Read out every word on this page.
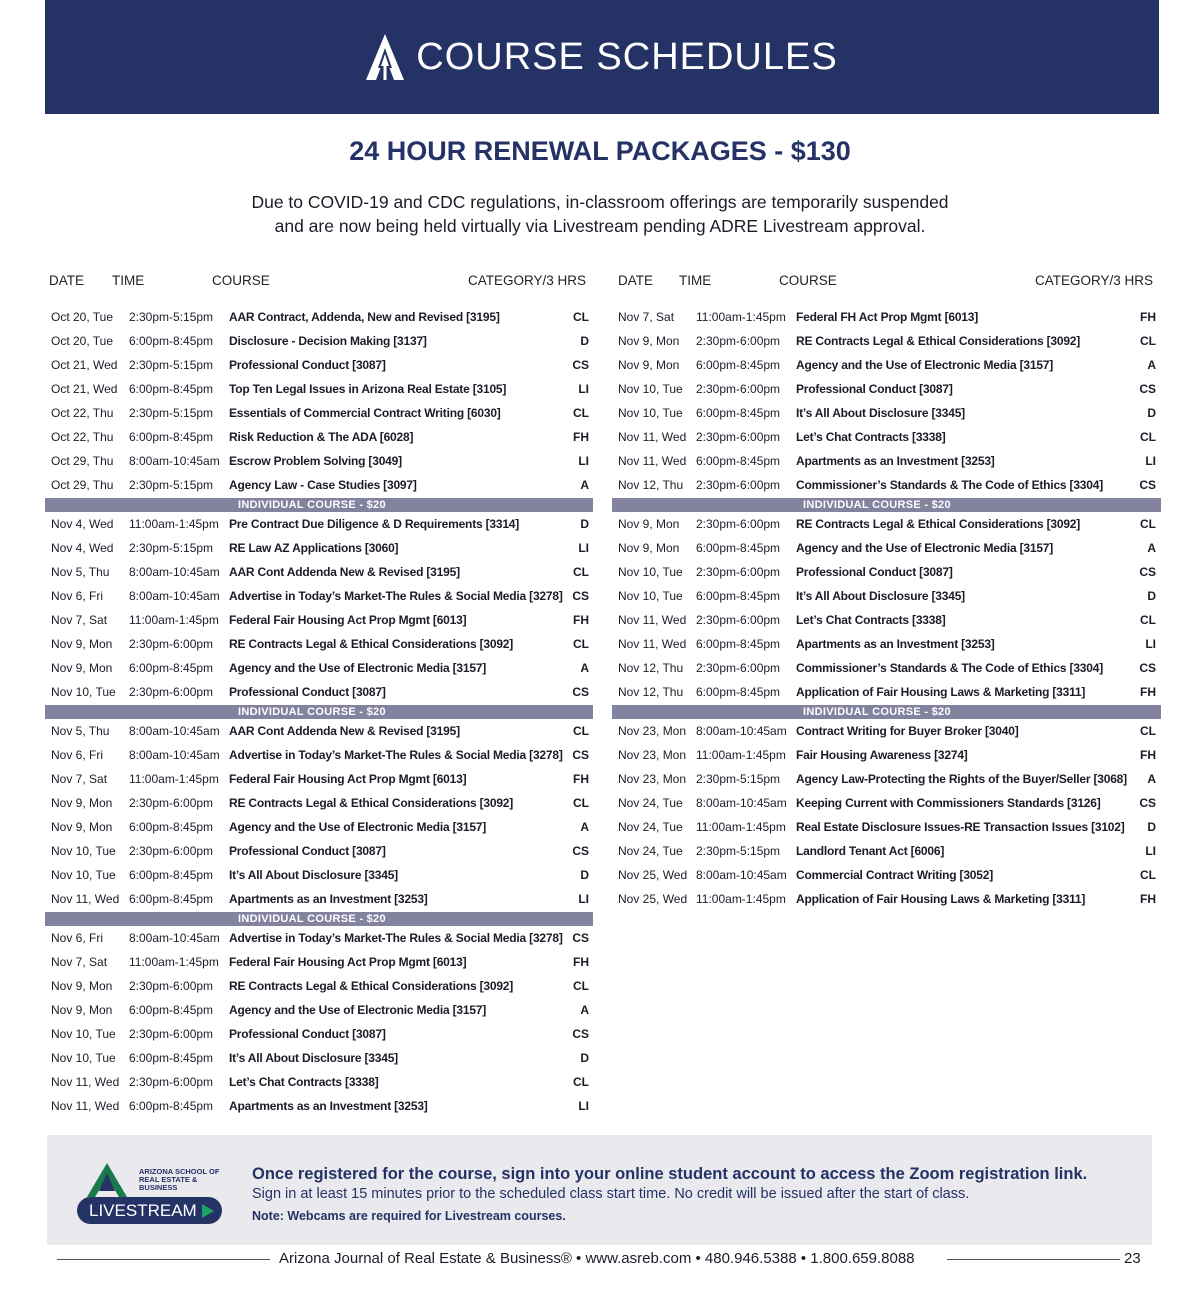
COURSE SCHEDULES
24 HOUR RENEWAL PACKAGES - $130
Due to COVID-19 and CDC regulations, in-classroom offerings are temporarily suspended
and are now being held virtually via Livestream pending ADRE Livestream approval.
DATE TIME	COURSE	CATEGORY/3 HRS DATE TIME	COURSE	CATEGORY/3 HRS
Oct 20, Tue 2:30pm-5:15pm AAR Contract, Addenda, New and Revised [3195]	CL
Oct 20, Tue 6:00pm-8:45pm Disclosure - Decision Making [3137]	D
Oct 21, Wed 2:30pm-5:15pm Professional Conduct [3087]	CS
Oct 21, Wed 6:00pm-8:45pm Top Ten Legal Issues in Arizona Real Estate [3105]	LI
Oct 22, Thu 2:30pm-5:15pm Essentials of Commercial Contract Writing [6030]	CL
Oct 22, Thu 6:00pm-8:45pm Risk Reduction & The ADA [6028]	FH
Oct 29, Thu 8:00am-10:45am Escrow Problem Solving [3049]	LI
Oct 29, Thu 2:30pm-5:15pm Agency Law - Case Studies [3097]	A
INDIVIDUAL COURSE - $20
Nov 4, Wed 11:00am-1:45pm Pre Contract Due Diligence & D Requirements [3314]	D
Nov 4, Wed 2:30pm-5:15pm RE Law AZ Applications [3060]	LI
Nov 5, Thu 8:00am-10:45am AAR Cont Addenda New & Revised [3195]	CL
Nov 6, Fri 8:00am-10:45am Advertise in Today’s Market-The Rules & Social Media [3278] CS
Nov 7, Sat 11:00am-1:45pm Federal Fair Housing Act Prop Mgmt [6013]	FH
Nov 9, Mon 2:30pm-6:00pm RE Contracts Legal & Ethical Considerations [3092]	CL
Nov 9, Mon 6:00pm-8:45pm Agency and the Use of Electronic Media [3157]	A
Nov 10, Tue 2:30pm-6:00pm Professional Conduct [3087]	CS
INDIVIDUAL COURSE - $20
Nov 5, Thu 8:00am-10:45am AAR Cont Addenda New & Revised [3195]	CL
Nov 6, Fri 8:00am-10:45am Advertise in Today’s Market-The Rules & Social Media [3278] CS
Nov 7, Sat 11:00am-1:45pm Federal Fair Housing Act Prop Mgmt [6013]	FH
Nov 9, Mon 2:30pm-6:00pm RE Contracts Legal & Ethical Considerations [3092]	CL
Nov 9, Mon 6:00pm-8:45pm Agency and the Use of Electronic Media [3157]	A
Nov 10, Tue 2:30pm-6:00pm Professional Conduct [3087]	CS
Nov 10, Tue 6:00pm-8:45pm It’s All About Disclosure [3345]	D
Nov 11, Wed 6:00pm-8:45pm Apartments as an Investment [3253]	LI
INDIVIDUAL COURSE - $20
Nov 6, Fri 8:00am-10:45am Advertise in Today’s Market-The Rules & Social Media [3278] CS
Nov 7, Sat 11:00am-1:45pm Federal Fair Housing Act Prop Mgmt [6013]	FH
Nov 9, Mon 2:30pm-6:00pm RE Contracts Legal & Ethical Considerations [3092]	CL
Nov 9, Mon 6:00pm-8:45pm Agency and the Use of Electronic Media [3157]	A
Nov 10, Tue 2:30pm-6:00pm Professional Conduct [3087]	CS
Nov 10, Tue 6:00pm-8:45pm It’s All About Disclosure [3345]	D
Nov 11, Wed 2:30pm-6:00pm Let’s Chat Contracts [3338]	CL
Nov 11, Wed 6:00pm-8:45pm Apartments as an Investment [3253]	LI
Nov 7, Sat 11:00am-1:45pm Federal FH Act Prop Mgmt [6013]	FH
Nov 9, Mon 2:30pm-6:00pm RE Contracts Legal & Ethical Considerations [3092]	CL
Nov 9, Mon 6:00pm-8:45pm Agency and the Use of Electronic Media [3157]	A
Nov 10, Tue 2:30pm-6:00pm Professional Conduct [3087]	CS
Nov 10, Tue 6:00pm-8:45pm It’s All About Disclosure [3345]	D
Nov 11, Wed 2:30pm-6:00pm Let’s Chat Contracts [3338]	CL
Nov 11, Wed 6:00pm-8:45pm Apartments as an Investment [3253]	LI
Nov 12, Thu 2:30pm-6:00pm Commissioner’s Standards & The Code of Ethics [3304]	CS
INDIVIDUAL COURSE - $20
Nov 9, Mon 2:30pm-6:00pm RE Contracts Legal & Ethical Considerations [3092]	CL
Nov 9, Mon 6:00pm-8:45pm Agency and the Use of Electronic Media [3157]	A
Nov 10, Tue 2:30pm-6:00pm Professional Conduct [3087]	CS
Nov 10, Tue 6:00pm-8:45pm It’s All About Disclosure [3345]	D
Nov 11, Wed 2:30pm-6:00pm Let’s Chat Contracts [3338]	CL
Nov 11, Wed 6:00pm-8:45pm Apartments as an Investment [3253]	LI
Nov 12, Thu 2:30pm-6:00pm Commissioner’s Standards & The Code of Ethics [3304]	CS
Nov 12, Thu 6:00pm-8:45pm Application of Fair Housing Laws & Marketing [3311]	FH
INDIVIDUAL COURSE - $20
Nov 23, Mon 8:00am-10:45am Contract Writing for Buyer Broker [3040]	CL
Nov 23, Mon 11:00am-1:45pm Fair Housing Awareness [3274]	FH
Nov 23, Mon 2:30pm-5:15pm Agency Law-Protecting the Rights of the Buyer/Seller [3068]	A
Nov 24, Tue 8:00am-10:45am Keeping Current with Commissioners Standards [3126]	CS
Nov 24, Tue 11:00am-1:45pm Real Estate Disclosure Issues-RE Transaction Issues [3102]	D
Nov 24, Tue 2:30pm-5:15pm Landlord Tenant Act [6006]	LI
Nov 25, Wed 8:00am-10:45am Commercial Contract Writing [3052]	CL
Nov 25, Wed 11:00am-1:45pm Application of Fair Housing Laws & Marketing [3311]	FH
ARIZONA SCHOOL OF REAL ESTATE & BUSINESS
LIVESTREAM
Once registered for the course, sign into your online student account to access the Zoom registration link.
Sign in at least 15 minutes prior to the scheduled class start time. No credit will be issued after the start of class.
Note: Webcams are required for Livestream courses.
Arizona Journal of Real Estate & Business® • www.asreb.com • 480.946.5388 • 1.800.659.8088	23
